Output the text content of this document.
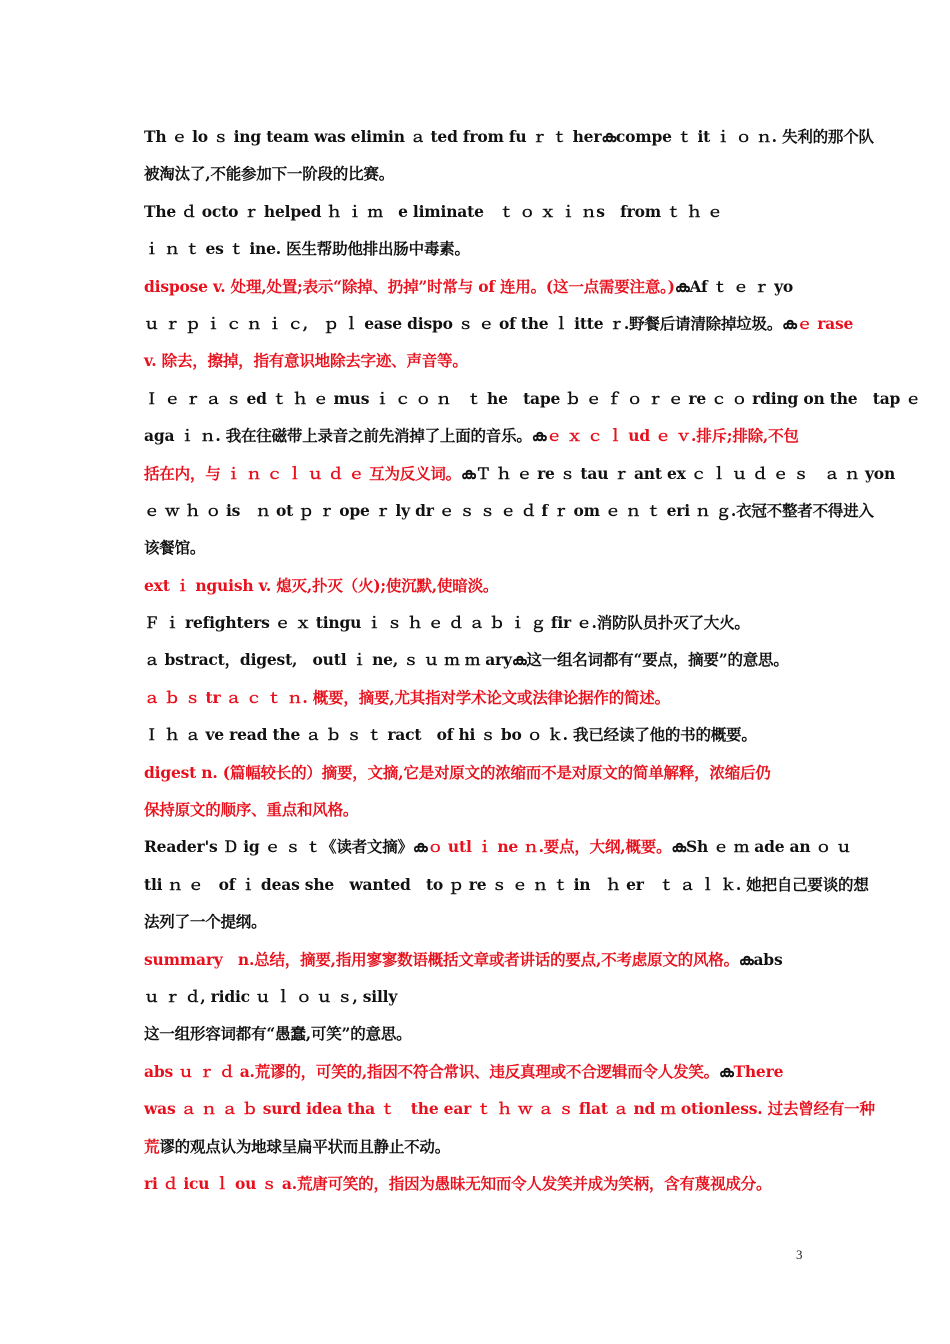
Th ｅ lo ｓ ing team was elimin ａ ted from fu ｒ ｔ herകcompe ｔ it ｉ ｏ ｎ. 失利的那个队
被淘汰了,不能参加下一阶段的比赛。
The ｄ octo ｒ helped ｈ ｉ ｍ　e liminate　ｔ ｏ ｘ ｉ ｎs　from ｔ ｈ ｅ
ｉ ｎ ｔ es ｔ ine. 医生帮助他排出肠中毒素。
dispose v. 处理,处置;表示“除掉、扔掉”时常与 of 连用。(这一点需要注意。)കAf ｔ ｅ ｒ yo
ｕ ｒ ｐ ｉ ｃ ｎ ｉ ｃ,　ｐ ｌ ease dispo ｓ ｅ of the ｌ itte ｒ.野餐后请清除掉垃圾。കｅ rase
v. 除去，擦掉，指有意识地除去字迹、声音等。
Ｉ ｅ ｒ ａ ｓ ed ｔ ｈ ｅ mus ｉ ｃ ｏ ｎ　ｔ he　tape ｂ ｅ ｆ ｏ ｒ ｅ re ｃ ｏ rding on the　tap ｅ
aga ｉ ｎ. 我在往磁带上录音之前先消掉了上面的音乐。കｅ ｘ ｃ ｌ ud ｅ ｖ.排斥;排除,不包
括在内，与 ｉ ｎ ｃ ｌ ｕ ｄ ｅ 互为反义词。കＴ ｈ ｅ re ｓ tau ｒ ant ex ｃ ｌ ｕ ｄ ｅ ｓ　ａ ｎ yon
ｅ ｗ ｈ ｏ is　ｎ ot ｐ ｒ ope ｒ ly dr ｅ ｓ ｓ ｅ ｄ f ｒ om ｅ ｎ ｔ eri ｎ ｇ.衣冠不整者不得进入
该餐馆。
ext ｉ nguish v. 熄灭,扑灭（火);使沉默,使暗淡。
Ｆ ｉ refighters ｅ ｘ tingu ｉ ｓ ｈ ｅ ｄ ａ ｂ ｉ ｇ fir ｅ.消防队员扑灭了大火。
ａ bstract，digest,　outl ｉ ne, ｓ ｕ ｍ ｍ aryക这一组名词都有“要点，摘要”的意思。
ａ ｂ ｓ tr ａ ｃ ｔ ｎ. 概要，摘要,尤其指对学术论文或法律论据作的简述。
Ｉ ｈ ａ ve read the ａ ｂ ｓ ｔ ract　of hi ｓ bo ｏ ｋ. 我已经读了他的书的概要。
digest n. (篇幅较长的）摘要，文摘,它是对原文的浓缩而不是对原文的简单解释，浓缩后仍
保持原文的顺序、重点和风格。
Reader's Ｄ ig ｅ ｓ ｔ《读者文摘》കｏ utl ｉ ne ｎ.要点，大纲,概要。കSh ｅ ｍ ade an ｏ ｕ
tli ｎ ｅ　of ｉ deas she　wanted　to ｐ re ｓ ｅ ｎ ｔ in　ｈ er　ｔ ａ ｌ ｋ. 她把自己要谈的想
法列了一个提纲。
summary　n.总结，摘要,指用寥寥数语概括文章或者讲话的要点,不考虑原文的风格。കabs
ｕ ｒ ｄ, ridic ｕ ｌ ｏ ｕ ｓ, silly
这一组形容词都有“愚蠢,可笑”的意思。
abs ｕ ｒ ｄ a.荒谬的，可笑的,指因不符合常识、违反真理或不合逻辑而令人发笑。കThere
was ａ ｎ ａ ｂ surd idea tha ｔ　the ear ｔ ｈ ｗ ａ ｓ flat ａ nd ｍ otionless. 过去曾经有一种
荒谬的观点认为地球呈扁平状而且静止不动。
ri ｄ icu ｌ ou ｓ a.荒唐可笑的，指因为愚昧无知而令人发笑并成为笑柄，含有蔑视成分。
3
